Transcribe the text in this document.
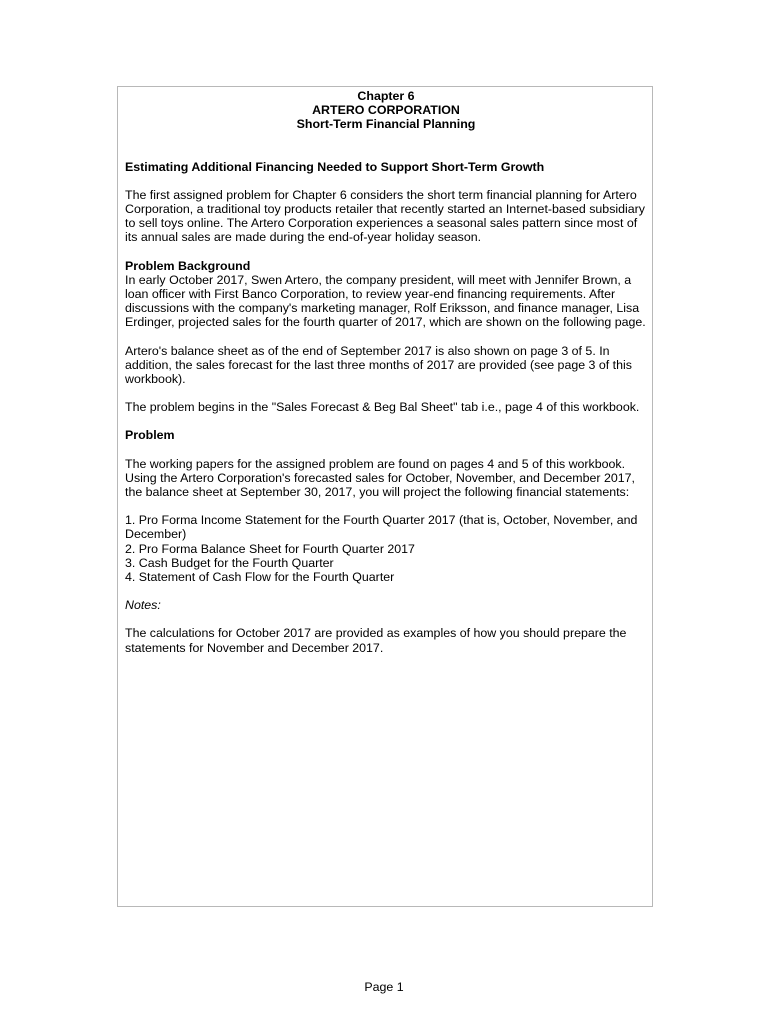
Chapter 6
ARTERO CORPORATION
Short-Term Financial Planning

Estimating Additional Financing Needed to Support Short-Term Growth

The first assigned problem for Chapter 6 considers the short term financial planning for Artero Corporation, a traditional toy products retailer that recently started an Internet-based subsidiary to sell toys online. The Artero Corporation experiences a seasonal sales pattern since most of its annual sales are made during the end-of-year holiday season.

Problem Background

In early October 2017, Swen Artero, the company president, will meet with Jennifer Brown, a loan officer with First Banco Corporation, to review year-end financing requirements. After discussions with the company's marketing manager, Rolf Eriksson, and finance manager, Lisa Erdinger, projected sales for the fourth quarter of 2017, which are shown on the following page.

Artero's balance sheet as of the end of September 2017 is also shown on page 3 of 5. In addition, the sales forecast for the last three months of 2017 are provided (see page 3 of this workbook).

The problem begins in the "Sales Forecast & Beg Bal Sheet" tab i.e., page 4 of this workbook.

Problem

The working papers for the assigned problem are found on pages 4 and 5 of this workbook. Using the Artero Corporation's forecasted sales for October, November, and December 2017, the balance sheet at September 30, 2017, you will project the following financial statements:

1. Pro Forma Income Statement for the Fourth Quarter 2017 (that is, October, November, and December)

2. Pro Forma Balance Sheet for Fourth Quarter 2017

3. Cash Budget for the Fourth Quarter

4. Statement of Cash Flow for the Fourth Quarter

Notes:

The calculations for October 2017 are provided as examples of how you should prepare the statements for November and December 2017.

Page 1
